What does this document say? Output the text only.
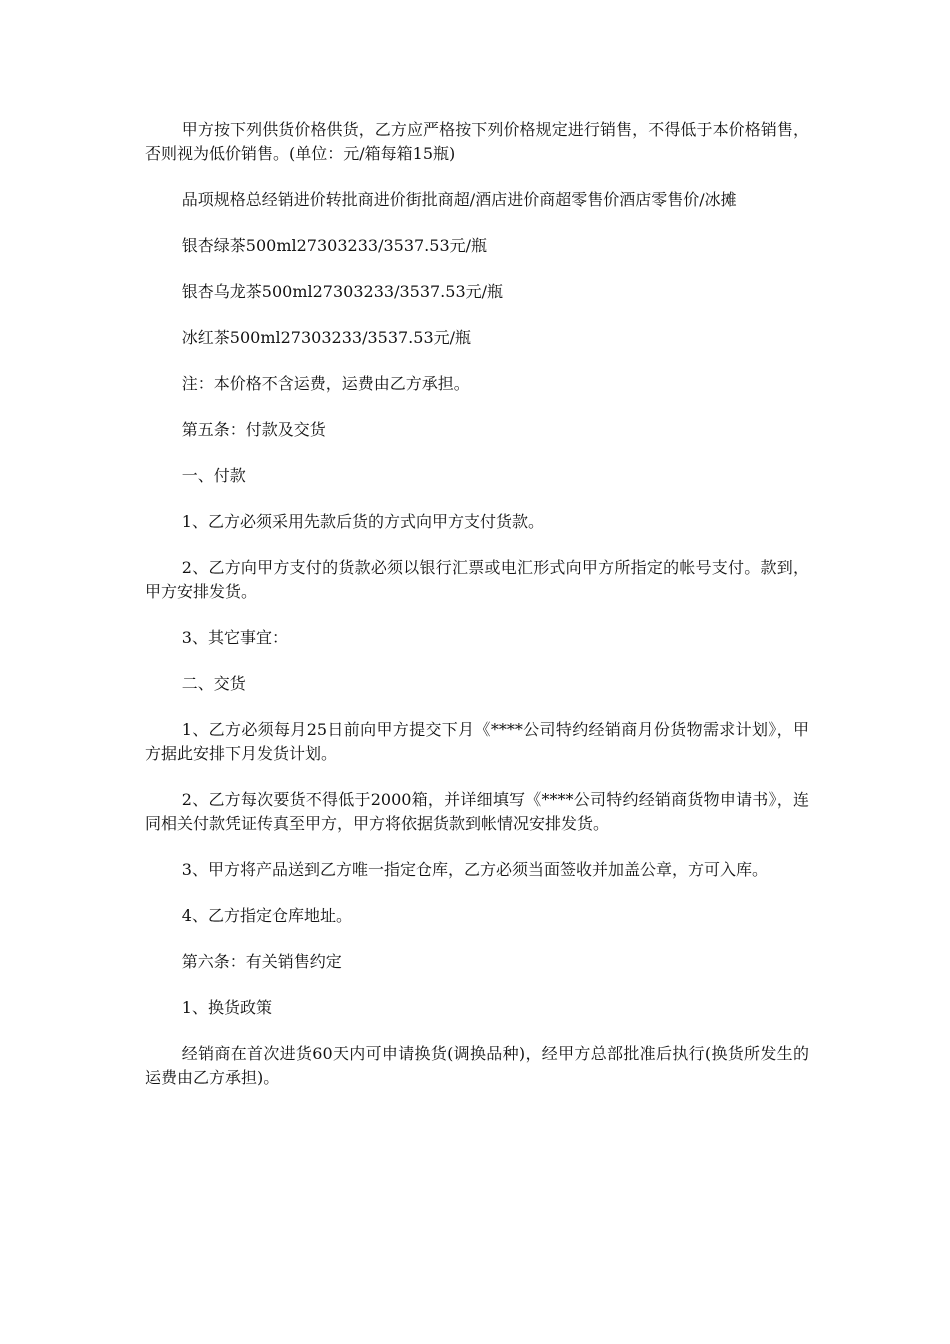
甲方按下列供货价格供货，乙方应严格按下列价格规定进行销售，不得低于本价格销售，否则视为低价销售。(单位：元/箱每箱15瓶)

品项规格总经销进价转批商进价街批商超/酒店进价商超零售价酒店零售价/冰摊

银杏绿茶500ml27303233/3537.53元/瓶

银杏乌龙茶500ml27303233/3537.53元/瓶

冰红茶500ml27303233/3537.53元/瓶

注：本价格不含运费，运费由乙方承担。

第五条：付款及交货

一、付款

1、乙方必须采用先款后货的方式向甲方支付货款。

2、乙方向甲方支付的货款必须以银行汇票或电汇形式向甲方所指定的帐号支付。款到，甲方安排发货。

3、其它事宜：

二、交货

1、乙方必须每月25日前向甲方提交下月《****公司特约经销商月份货物需求计划》，甲方据此安排下月发货计划。

2、乙方每次要货不得低于2000箱，并详细填写《****公司特约经销商货物申请书》，连同相关付款凭证传真至甲方，甲方将依据货款到帐情况安排发货。

3、甲方将产品送到乙方唯一指定仓库，乙方必须当面签收并加盖公章，方可入库。

4、乙方指定仓库地址。

第六条：有关销售约定

1、换货政策

经销商在首次进货60天内可申请换货(调换品种)，经甲方总部批准后执行(换货所发生的运费由乙方承担)。
